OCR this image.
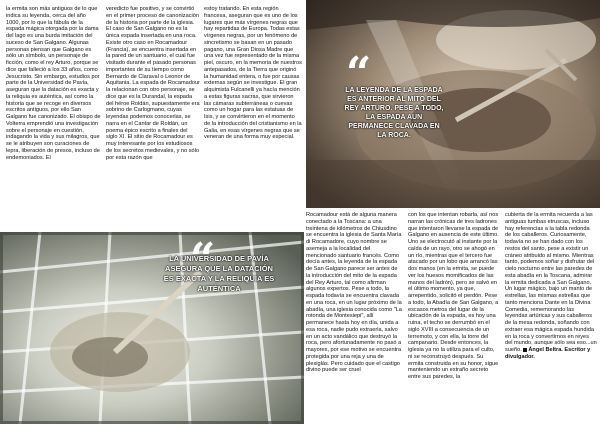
la ermita son más antiguos de lo que indica su leyenda, cerca del año 1000, por lo que la fábula de la espada mágica otorgada por la dama del lago es una burda imitación del suceso de San Galgano. Algunas personas piensan que Galgano es sólo un símbolo, un personaje de ficción, como el rey Arturo, porque se dice que falleció a los 33 años, como Jesucristo. Sin embargo, estudios por parte de la Universidad de Pavía, aseguran que la datación es exacta y la reliquia es auténtica, así como la historia que se recoge en diversos escritos antiguos, por ello San Galgano fue canonizado. El obispo de Volterra emprendió una investigación sobre el personaje en cuestión, indagando la vida y sus milagros, que se le atribuyen son curaciones de lepra, liberación de presos, incluso de endemoniados. El

veredicto fue positivo, y se convirtió en el primer proceso de canonización de la historia por parte de la iglesia. El caso de San Galgano no es la única espada insertada en una roca. Existe otro caso en Rocamadour (Francia), se encuentra insertada en la pared de un santuario, el cual fue visitado durante el pasado personas importantes de su tiempo como Bernardo de Claraval o Leonor de Aquitania. La espada de Rocamadour la relacionan con otro personaje, se dice que es la Durandal, la espada del héroe Roldán, supuestamente era sobrino de Carlogmano, cuyas leyendas podemos conocerlas, se narra en el Cantar de Roldán, un poema épico escrito a finales del siglo XI. El sitio de Rocamadour es muy interesante por los estudiosos de los secretos medievales, y no sólo por esta razón que

estoy tratando. En esta región francesa, aseguran que es uno de los lugares que más vírgenes negras que hay repartidas de Europa. Todas estas vírgenes negras, por un fenómeno de sincretismo se basan en un pasado pagano, una Gran Diosa Madre que una vez fue representado de la misma piel, oscuro, en la memoria de nuestros antepasados, de la Tierra que originó la humanidad entera, o fue por causas externas según se investigue. El gran alquimista Fulcanelli ya hacía mención a estas figuras sacras, que sirvieron las cámaras subterráneas o cuevas como un hogar para las estatuas de Isis, y se convirtieron en el momento de la introducción del cristianismo en la Galia, en esas vírgenes negras que se veneran de una forma muy especial.

“
LA LEYENDA DE LA ESPADA ES ANTERIOR AL MITO DEL REY ARTURO. PESE A TODO, LA ESPADA AUN PERMANECE CLAVADA EN LA ROCA.
“
LA UNIVERSIDAD DE PAVÍA ASEGURA QUE LA DATACIÓN ES EXACTA Y LA RELIQUIA ES AUTÉNTICA

Rocamadour está de alguna manera conectado a la Toscana: a una treintena de kilómetros de Chiusdino se encuentra la iglesia de Santa María di Rocamadore, cuyo nombre se asemeja a la localidad del mencionado santuario francés. Como decía antes, la leyenda de la espada de San Galgano parece ser antes de la introducción del mito de la espada del Rey Arturo, tal como afirman algunos expertos. Pese a todo, la espada todavía se encuentra clavada en una roca, en un lugar próximo de la abadía, una iglesia conocida como "La rotonda de Montesiepi", allí permanece hasta hoy en día, unida a esa roca, nadie pudo extraerla, salvo en un acto vandálico que destruyó la roca, pero afortunadamente no pasó a mayores, por ese motivo se encuentra protegida por una reja y una de plexiglás. Pero cuidado que el castigo divino puede ser cruel

con los que intentan robarla, así nos narran las crónicas de tres ladrones que intentaron llevarse la espada de Galgano en ausencia de este último. Uno se electrocutó al instante por la caída de un rayo, otro se ahogó en un río, mientras que el tercero fue atacado por un lobo que arrancó las dos manos (en la ermita, se puede ver los huesos momificados de las manos del ladrón), pero se salvó en el último momento, ya que, arrepentido, solicitó el perdón. Pese a todo, la Abadía de San Galgano, a escasos metros del lugar de la ubicación de la espada, es hoy una ruina, el techo se derrumbó en el siglo XVIII a consecuencia de un terremoto, y con ella, la torre del campanario. Desde entonces, la iglesia ya no la utiliza para el culto, ni se reconstruyó después. Su ermita construida en su honor, sigue manteniendo un extraño secreto entre sus paredes, la

cubierta de la ermita recuerda a las antiguas tumbas etruscas, incluso hay referencias a la tabla redonda de los caballeros. Curiosamente, todavía no se han dado con los restos del santo, pese a existir un cráneo atribuido al mismo. Mientras tanto, podemos soñar y disfrutar del cielo nocturno entre las paredes de esta abadía en la Toscana, admirar la ermita dedicada a San Galgano. Un lugar mágico, bajo un manto de estrellas, las mismas estrellas que tanto menciona Dante en la Divina Comedia, rememorando las leyendas artúricas y sus caballeros de la mesa redonda, soñando con extraer esa mágica espada hundida en la roca y convertirnos en reyes del mundo, aunque sólo sea eso...un sueño. Ángel Beltra. Escritor y divulgador.
